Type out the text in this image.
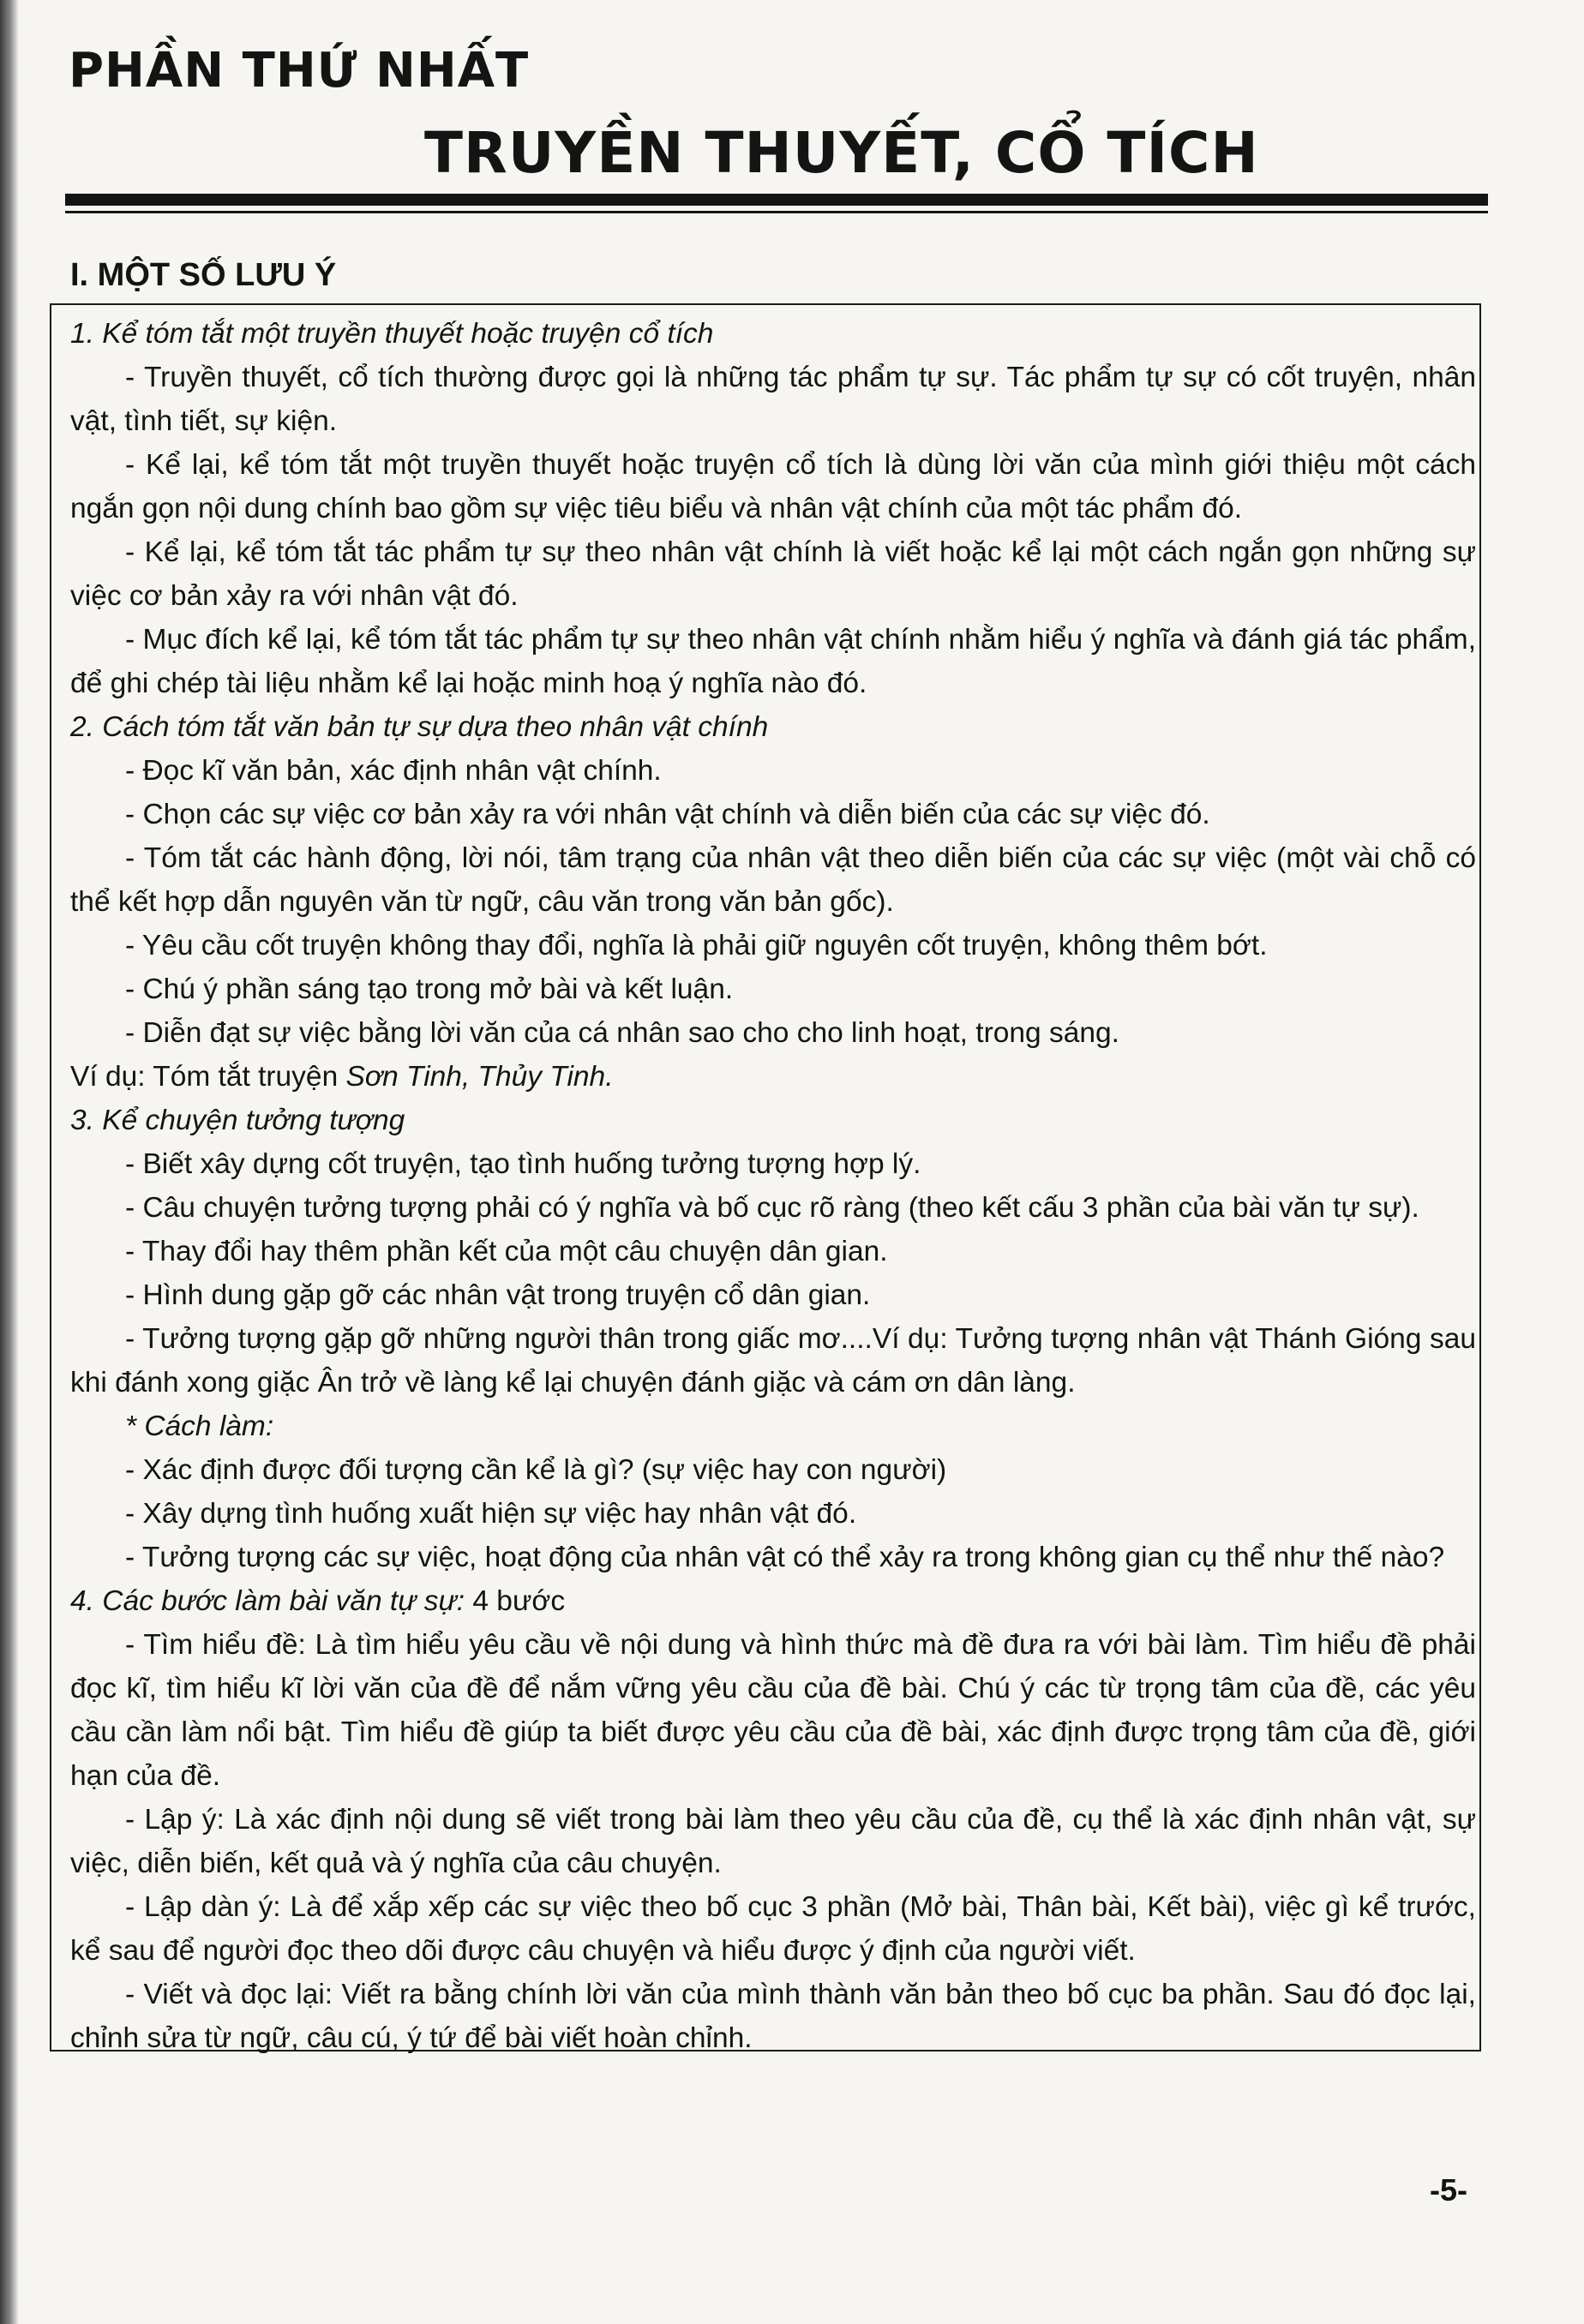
PHẦN THỨ NHẤT
TRUYỀN THUYẾT, CỔ TÍCH
I. MỘT SỐ LƯU Ý

1. Kể tóm tắt một truyền thuyết hoặc truyện cổ tích

- Truyền thuyết, cổ tích thường được gọi là những tác phẩm tự sự. Tác phẩm tự sự có cốt truyện, nhân vật, tình tiết, sự kiện.

- Kể lại, kể tóm tắt một truyền thuyết hoặc truyện cổ tích là dùng lời văn của mình giới thiệu một cách ngắn gọn nội dung chính bao gồm sự việc tiêu biểu và nhân vật chính của một tác phẩm đó.

- Kể lại, kể tóm tắt tác phẩm tự sự theo nhân vật chính là viết hoặc kể lại một cách ngắn gọn những sự việc cơ bản xảy ra với nhân vật đó.

- Mục đích kể lại, kể tóm tắt tác phẩm tự sự theo nhân vật chính nhằm hiểu ý nghĩa và đánh giá tác phẩm, để ghi chép tài liệu nhằm kể lại hoặc minh hoạ ý nghĩa nào đó.

2. Cách tóm tắt văn bản tự sự dựa theo nhân vật chính

- Đọc kĩ văn bản, xác định nhân vật chính.

- Chọn các sự việc cơ bản xảy ra với nhân vật chính và diễn biến của các sự việc đó.

- Tóm tắt các hành động, lời nói, tâm trạng của nhân vật theo diễn biến của các sự việc (một vài chỗ có thể kết hợp dẫn nguyên văn từ ngữ, câu văn trong văn bản gốc).

- Yêu cầu cốt truyện không thay đổi, nghĩa là phải giữ nguyên cốt truyện, không thêm bớt.

- Chú ý phần sáng tạo trong mở bài và kết luận.

- Diễn đạt sự việc bằng lời văn của cá nhân sao cho cho linh hoạt, trong sáng.

Ví dụ: Tóm tắt truyện Sơn Tinh, Thủy Tinh.

3. Kể chuyện tưởng tượng

- Biết xây dựng cốt truyện, tạo tình huống tưởng tượng hợp lý.

- Câu chuyện tưởng tượng phải có ý nghĩa và bố cục rõ ràng (theo kết cấu 3 phần của bài văn tự sự).

- Thay đổi hay thêm phần kết của một câu chuyện dân gian.

- Hình dung gặp gỡ các nhân vật trong truyện cổ dân gian.

- Tưởng tượng gặp gỡ những người thân trong giấc mơ....Ví dụ: Tưởng tượng nhân vật Thánh Gióng sau khi đánh xong giặc Ân trở về làng kể lại chuyện đánh giặc và cám ơn dân làng.

* Cách làm:

- Xác định được đối tượng cần kể là gì? (sự việc hay con người)

- Xây dựng tình huống xuất hiện sự việc hay nhân vật đó.

- Tưởng tượng các sự việc, hoạt động của nhân vật có thể xảy ra trong không gian cụ thể như thế nào?

4. Các bước làm bài văn tự sự: 4 bước

- Tìm hiểu đề: Là tìm hiểu yêu cầu về nội dung và hình thức mà đề đưa ra với bài làm. Tìm hiểu đề phải đọc kĩ, tìm hiểu kĩ lời văn của đề để nắm vững yêu cầu của đề bài. Chú ý các từ trọng tâm của đề, các yêu cầu cần làm nổi bật. Tìm hiểu đề giúp ta biết được yêu cầu của đề bài, xác định được trọng tâm của đề, giới hạn của đề.

- Lập ý: Là xác định nội dung sẽ viết trong bài làm theo yêu cầu của đề, cụ thể là xác định nhân vật, sự việc, diễn biến, kết quả và ý nghĩa của câu chuyện.

- Lập dàn ý: Là để xắp xếp các sự việc theo bố cục 3 phần (Mở bài, Thân bài, Kết bài), việc gì kể trước, kể sau để người đọc theo dõi được câu chuyện và hiểu được ý định của người viết.

- Viết và đọc lại: Viết ra bằng chính lời văn của mình thành văn bản theo bố cục ba phần. Sau đó đọc lại, chỉnh sửa từ ngữ, câu cú, ý tứ để bài viết hoàn chỉnh.

-5-
